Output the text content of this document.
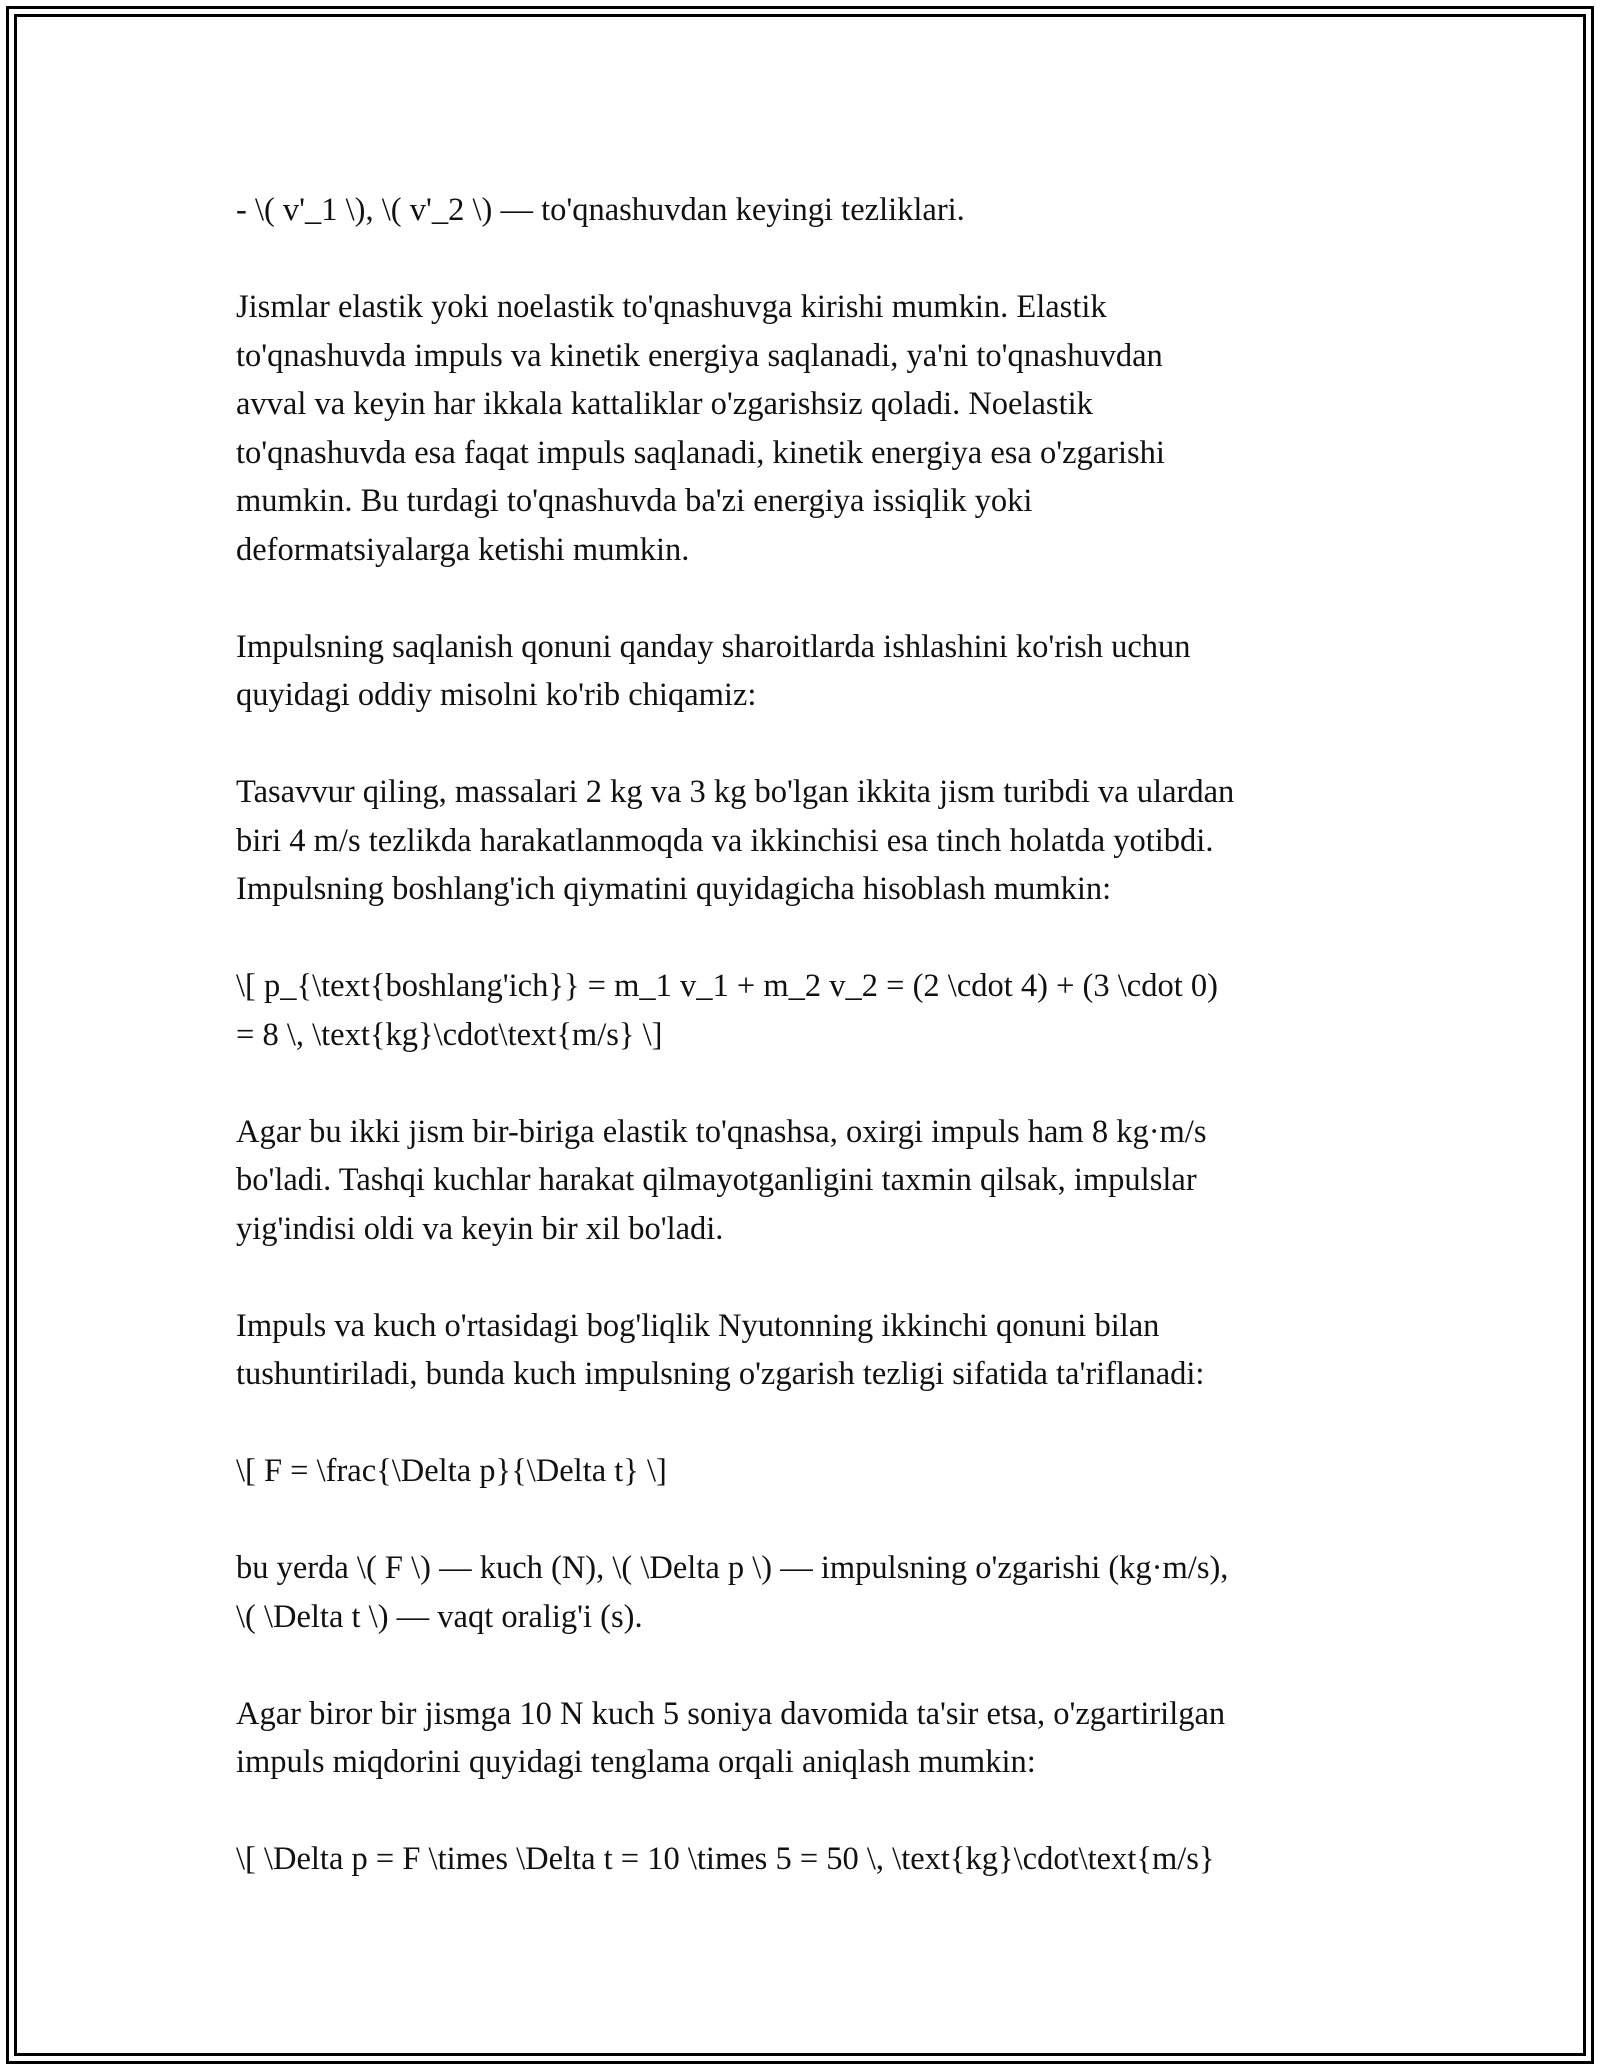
- \( v'_1 \), \( v'_2 \) — to'qnashuvdan keyingi tezliklari.

Jismlar elastik yoki noelastik to'qnashuvga kirishi mumkin. Elastik
to'qnashuvda impuls va kinetik energiya saqlanadi, ya'ni to'qnashuvdan
avval va keyin har ikkala kattaliklar o'zgarishsiz qoladi. Noelastik
to'qnashuvda esa faqat impuls saqlanadi, kinetik energiya esa o'zgarishi
mumkin. Bu turdagi to'qnashuvda ba'zi energiya issiqlik yoki
deformatsiyalarga ketishi mumkin.

Impulsning saqlanish qonuni qanday sharoitlarda ishlashini ko'rish uchun
quyidagi oddiy misolni ko'rib chiqamiz:

Tasavvur qiling, massalari 2 kg va 3 kg bo'lgan ikkita jism turibdi va ulardan
biri 4 m/s tezlikda harakatlanmoqda va ikkinchisi esa tinch holatda yotibdi.
Impulsning boshlang'ich qiymatini quyidagicha hisoblash mumkin:

\[ p_{\text{boshlang'ich}} = m_1 v_1 + m_2 v_2 = (2 \cdot 4) + (3 \cdot 0)
= 8 \, \text{kg}\cdot\text{m/s} \]

Agar bu ikki jism bir-biriga elastik to'qnashsa, oxirgi impuls ham 8 kg·m/s
bo'ladi. Tashqi kuchlar harakat qilmayotganligini taxmin qilsak, impulslar
yig'indisi oldi va keyin bir xil bo'ladi.

Impuls va kuch o'rtasidagi bog'liqlik Nyutonning ikkinchi qonuni bilan
tushuntiriladi, bunda kuch impulsning o'zgarish tezligi sifatida ta'riflanadi:

\[ F = \frac{\Delta p}{\Delta t} \]

bu yerda \( F \) — kuch (N), \( \Delta p \) — impulsning o'zgarishi (kg·m/s),
\( \Delta t \) — vaqt oralig'i (s).

Agar biror bir jismga 10 N kuch 5 soniya davomida ta'sir etsa, o'zgartirilgan
impuls miqdorini quyidagi tenglama orqali aniqlash mumkin:

\[ \Delta p = F \times \Delta t = 10 \times 5 = 50 \, \text{kg}\cdot\text{m/s}
